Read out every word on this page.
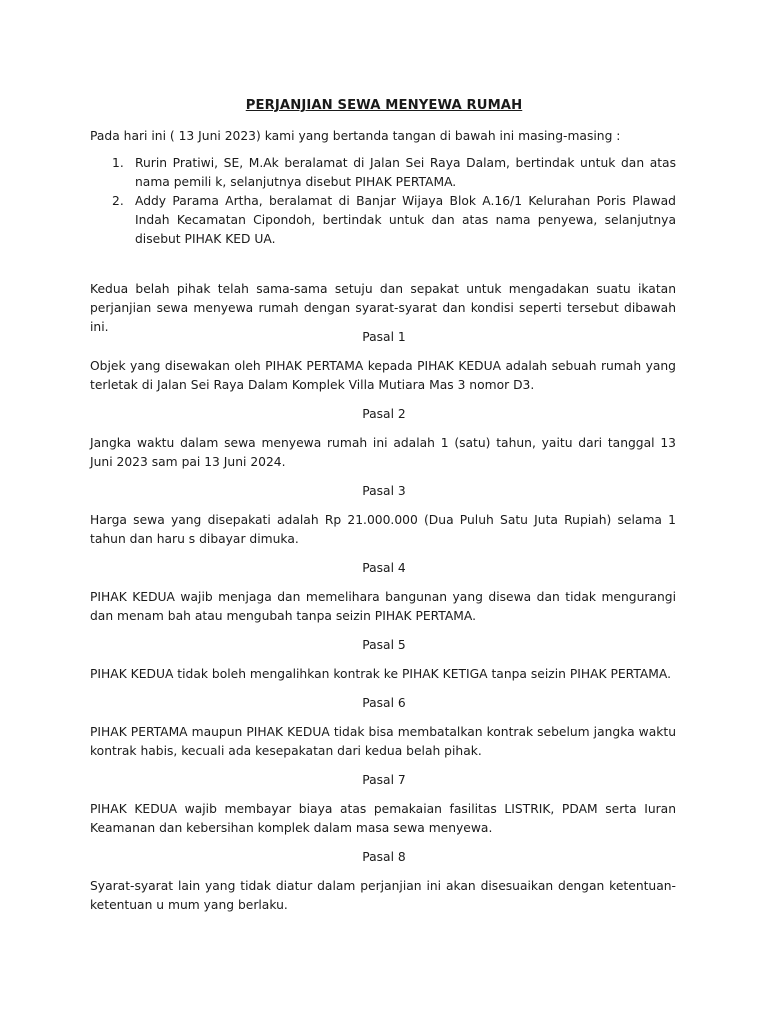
PERJANJIAN SEWA MENYEWA RUMAH
Pada hari ini ( 13 Juni 2023) kami yang bertanda tangan di bawah ini masing-masing :
1. Rurin Pratiwi, SE, M.Ak beralamat di Jalan Sei Raya Dalam, bertindak untuk dan atas nama pemili k, selanjutnya disebut PIHAK PERTAMA.
2. Addy Parama Artha, beralamat di Banjar Wijaya Blok A.16/1 Kelurahan Poris Plawad Indah Kecamatan Cipondoh, bertindak untuk dan atas nama penyewa, selanjutnya disebut PIHAK KED UA.
Kedua belah pihak telah sama-sama setuju dan sepakat untuk mengadakan suatu ikatan perjanjian sewa menyewa rumah dengan syarat-syarat dan kondisi seperti tersebut dibawah ini.
Pasal 1
Objek yang disewakan oleh PIHAK PERTAMA kepada PIHAK KEDUA adalah sebuah rumah yang terletak di Jalan Sei Raya Dalam Komplek Villa Mutiara Mas 3 nomor D3.
Pasal 2
Jangka waktu dalam sewa menyewa rumah ini adalah 1 (satu) tahun, yaitu dari tanggal 13 Juni 2023 sam pai 13 Juni 2024.
Pasal 3
Harga sewa yang disepakati adalah Rp 21.000.000 (Dua Puluh Satu Juta Rupiah) selama 1 tahun dan haru s dibayar dimuka.
Pasal 4
PIHAK KEDUA wajib menjaga dan memelihara bangunan yang disewa dan tidak mengurangi dan menam bah atau mengubah tanpa seizin PIHAK PERTAMA.
Pasal 5
PIHAK KEDUA tidak boleh mengalihkan kontrak ke PIHAK KETIGA tanpa seizin PIHAK PERTAMA.
Pasal 6
PIHAK PERTAMA maupun PIHAK KEDUA tidak bisa membatalkan kontrak sebelum jangka waktu kontrak habis, kecuali ada kesepakatan dari kedua belah pihak.
Pasal 7
PIHAK KEDUA wajib membayar biaya atas pemakaian fasilitas LISTRIK, PDAM serta Iuran Keamanan dan kebersihan komplek dalam masa sewa menyewa.
Pasal 8
Syarat-syarat lain yang tidak diatur dalam perjanjian ini akan disesuaikan dengan ketentuan-ketentuan u mum yang berlaku.
